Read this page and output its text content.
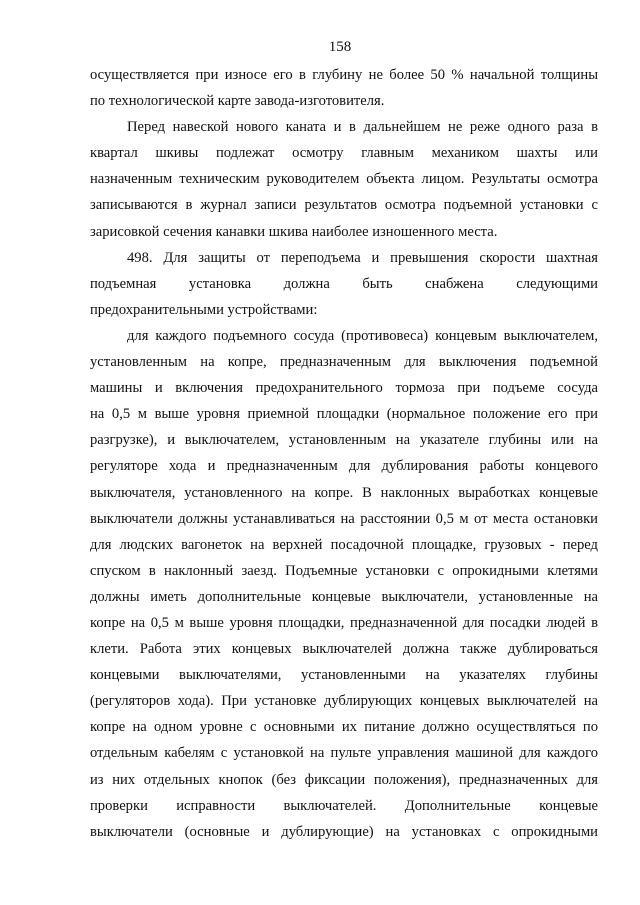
158
осуществляется при износе его в глубину не более 50 % начальной толщины
по технологической карте завода-изготовителя.
Перед навеской нового каната и в дальнейшем не реже одного раза в
квартал шкивы подлежат осмотру главным механиком шахты или
назначенным техническим руководителем объекта лицом. Результаты осмотра
записываются в журнал записи результатов осмотра подъемной установки с
зарисовкой сечения канавки шкива наиболее изношенного места.
498. Для защиты от переподъема и превышения скорости шахтная
подъемная установка должна быть снабжена следующими
предохранительными устройствами:
для каждого подъемного сосуда (противовеса) концевым выключателем,
установленным на копре, предназначенным для выключения подъемной
машины и включения предохранительного тормоза при подъеме сосуда
на 0,5 м выше уровня приемной площадки (нормальное положение его при
разгрузке), и выключателем, установленным на указателе глубины или на
регуляторе хода и предназначенным для дублирования работы концевого
выключателя, установленного на копре. В наклонных выработках концевые
выключатели должны устанавливаться на расстоянии 0,5 м от места остановки
для людских вагонеток на верхней посадочной площадке, грузовых - перед
спуском в наклонный заезд. Подъемные установки с опрокидными клетями
должны иметь дополнительные концевые выключатели, установленные на
копре на 0,5 м выше уровня площадки, предназначенной для посадки людей в
клети. Работа этих концевых выключателей должна также дублироваться
концевыми выключателями, установленными на указателях глубины
(регуляторов хода). При установке дублирующих концевых выключателей на
копре на одном уровне с основными их питание должно осуществляться по
отдельным кабелям с установкой на пульте управления машиной для каждого
из них отдельных кнопок (без фиксации положения), предназначенных для
проверки исправности выключателей. Дополнительные концевые
выключатели (основные и дублирующие) на установках с опрокидными
